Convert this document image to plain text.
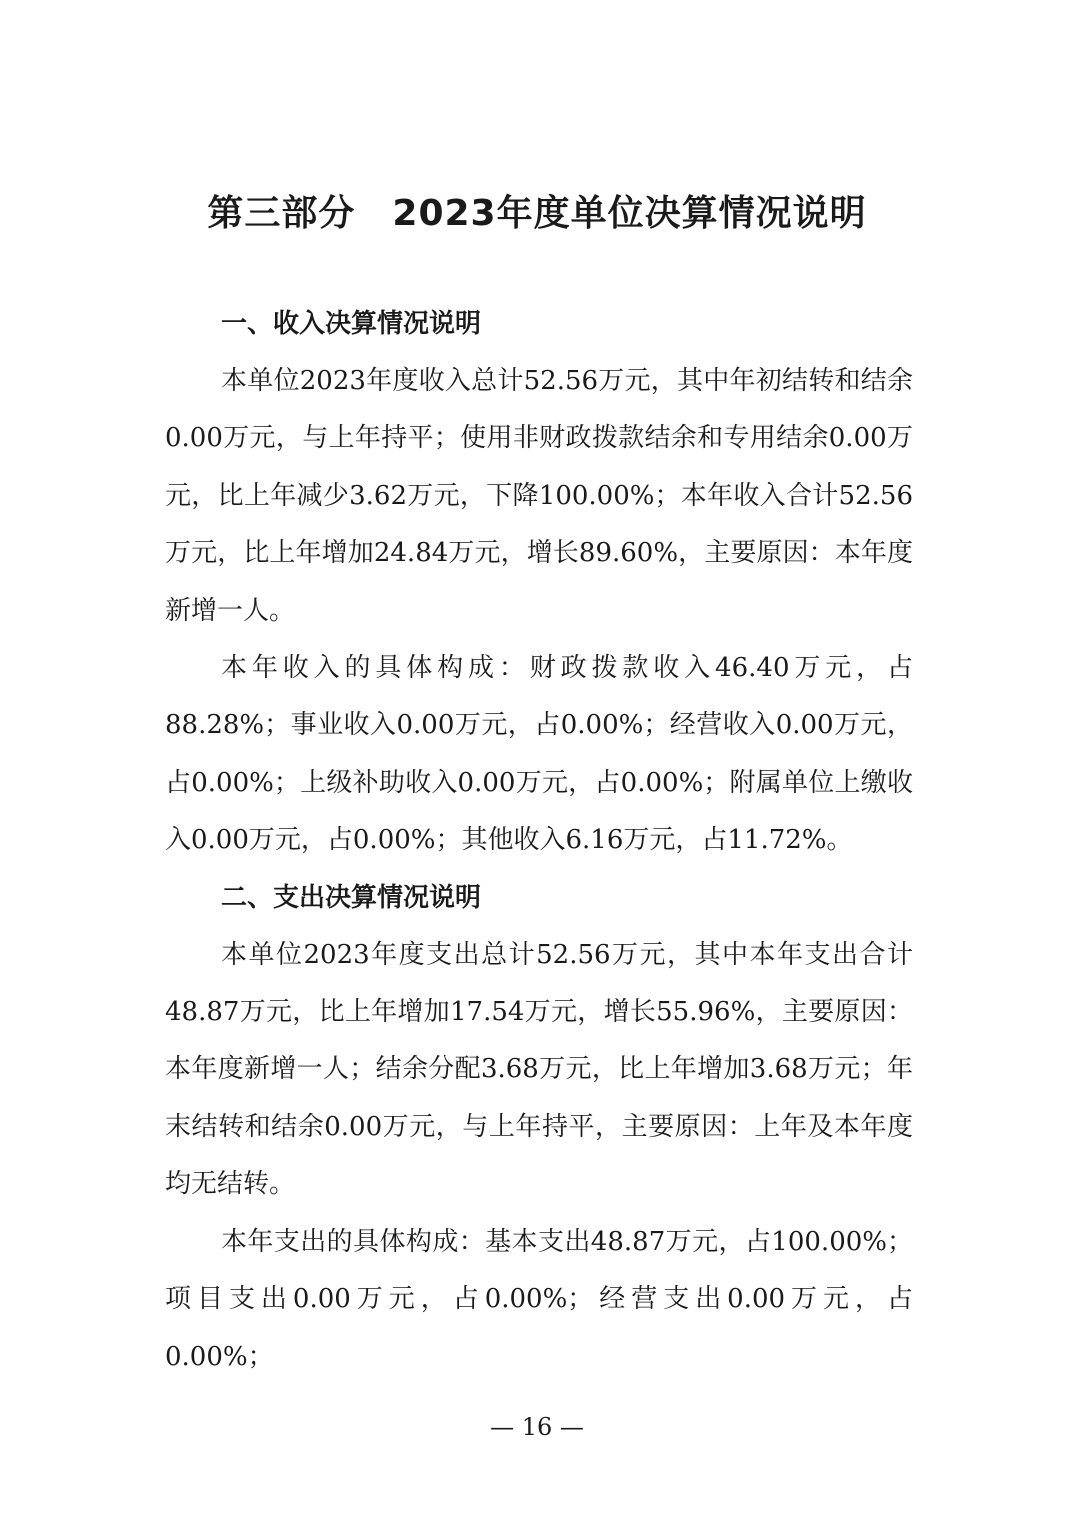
第三部分　2023年度单位决算情况说明
一、收入决算情况说明

本单位2023年度收入总计52.56万元，其中年初结转和结余0.00万元，与上年持平；使用非财政拨款结余和专用结余0.00万元，比上年减少3.62万元，下降100.00%；本年收入合计52.56万元，比上年增加24.84万元，增长89.60%，主要原因：本年度新增一人。

本年收入的具体构成：财政拨款收入46.40万元，占88.28%；事业收入0.00万元，占0.00%；经营收入0.00万元，占0.00%；上级补助收入0.00万元，占0.00%；附属单位上缴收入0.00万元，占0.00%；其他收入6.16万元，占11.72%。

二、支出决算情况说明

本单位2023年度支出总计52.56万元，其中本年支出合计48.87万元，比上年增加17.54万元，增长55.96%，主要原因：本年度新增一人；结余分配3.68万元，比上年增加3.68万元；年末结转和结余0.00万元，与上年持平，主要原因：上年及本年度均无结转。

本年支出的具体构成：基本支出48.87万元，占100.00%；项目支出0.00万元，占0.00%；经营支出0.00万元，占0.00%；

— 16 —
